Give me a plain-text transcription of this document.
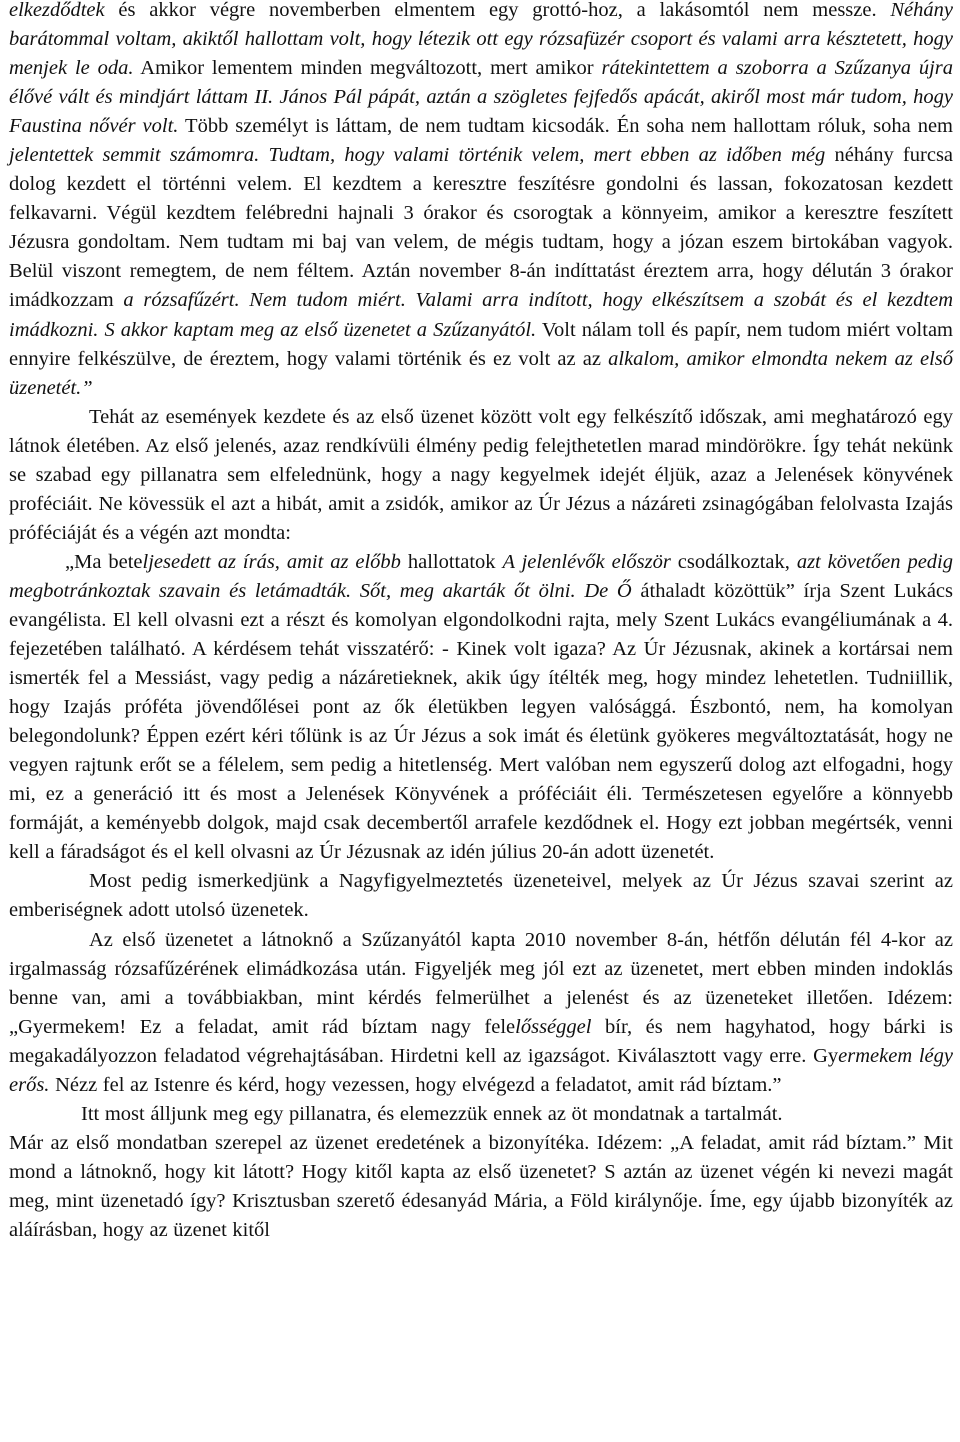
elkezdődtek és akkor végre novemberben elmentem egy grottó-hoz, a lakásomtól nem messze. Néhány barátommal voltam, akiktől hallottam volt, hogy létezik ott egy rózsafüzér csoport és valami arra késztetett, hogy menjek le oda. Amikor lementem minden megváltozott, mert amikor rátekintettem a szoborra a Szűzanya újra élővé vált és mindjárt láttam II. János Pál pápát, aztán a szögletes fejfedős apácát, akiről most már tudom, hogy Faustina nővér volt. Több személyt is láttam, de nem tudtam kicsodák. Én soha nem hallottam róluk, soha nem jelentettek semmit számomra. Tudtam, hogy valami történik velem, mert ebben az időben még néhány furcsa dolog kezdett el történni velem. El kezdtem a keresztre feszítésre gondolni és lassan, fokozatosan kezdett felkavarni. Végül kezdtem felébredni hajnali 3 órakor és csorogtak a könnyeim, amikor a keresztre feszített Jézusra gondoltam. Nem tudtam mi baj van velem, de mégis tudtam, hogy a józan eszem birtokában vagyok. Belül viszont remegtem, de nem féltem. Aztán november 8-án indíttatást éreztem arra, hogy délután 3 órakor imádkozzam a rózsafűzért. Nem tudom miért. Valami arra indított, hogy elkészítsem a szobát és el kezdtem imádkozni. S akkor kaptam meg az első üzenetet a Szűzanyától. Volt nálam toll és papír, nem tudom miért voltam ennyire felkészülve, de éreztem, hogy valami történik és ez volt az az alkalom, amikor elmondta nekem az első üzenetét.”

Tehát az események kezdete és az első üzenet között volt egy felkészítő időszak, ami meghatározó egy látnok életében. Az első jelenés, azaz rendkívüli élmény pedig felejthetetlen marad mindörökre. Így tehát nekünk se szabad egy pillanatra sem elfelednünk, hogy a nagy kegyelmek idejét éljük, azaz a Jelenések könyvének proféciáit. Ne kövessük el azt a hibát, amit a zsidók, amikor az Úr Jézus a názáreti zsinagógában felolvasta Izajás próféciáját és a végén azt mondta:

„Ma beteljesedett az írás, amit az előbb hallottatok A jelenlévők először csodálkoztak, azt követően pedig megbotránkoztak szavain és letámadták. Sőt, meg akarták őt ölni. De Ő áthaladt közöttük” írja Szent Lukács evangélista. El kell olvasni ezt a részt és komolyan elgondolkodni rajta, mely Szent Lukács evangéliumának a 4. fejezetében található. A kérdésem tehát visszatérő: - Kinek volt igaza? Az Úr Jézusnak, akinek a kortársai nem ismerték fel a Messiást, vagy pedig a názáretieknek, akik úgy ítélték meg, hogy mindez lehetetlen. Tudniillik, hogy Izajás próféta jövendőlései pont az ők életükben legyen valósággá. Észbontó, nem, ha komolyan belegondolunk? Éppen ezért kéri tőlünk is az Úr Jézus a sok imát és életünk gyökeres megváltoztatását, hogy ne vegyen rajtunk erőt se a félelem, sem pedig a hitetlenség. Mert valóban nem egyszerű dolog azt elfogadni, hogy mi, ez a generáció itt és most a Jelenések Könyvének a próféciáit éli. Természetesen egyelőre a könnyebb formáját, a keményebb dolgok, majd csak decembertől arrafele kezdődnek el. Hogy ezt jobban megértsék, venni kell a fáradságot és el kell olvasni az Úr Jézusnak az idén július 20-án adott üzenetét.

Most pedig ismerkedjünk a Nagyfigyelmeztetés üzeneteivel, melyek az Úr Jézus szavai szerint az emberiségnek adott utolsó üzenetek.

Az első üzenetet a látnoknő a Szűzanyától kapta 2010 november 8-án, hétfőn délután fél 4-kor az irgalmasság rózsafűzérének elimádkozása után. Figyeljék meg jól ezt az üzenetet, mert ebben minden indoklás benne van, ami a továbbiakban, mint kérdés felmerülhet a jelenést és az üzeneteket illetően. Idézem: „Gyermekem! Ez a feladat, amit rád bíztam nagy felelősséggel bír, és nem hagyhatod, hogy bárki is megakadályozzon feladatod végrehajtásában. Hirdetni kell az igazságot. Kiválasztott vagy erre. Gyermekem légy erős. Nézz fel az Istenre és kérd, hogy vezessen, hogy elvégezd a feladatot, amit rád bíztam.”

Itt most álljunk meg egy pillanatra, és elemezzük ennek az öt mondatnak a tartalmát.

Már az első mondatban szerepel az üzenet eredetének a bizonyítéka. Idézem: „A feladat, amit rád bíztam.” Mit mond a látnoknő, hogy kit látott? Hogy kitől kapta az első üzenetet? S aztán az üzenet végén ki nevezi magát meg, mint üzenetadó így? Krisztusban szerető édesanyád Mária, a Föld királynője. Íme, egy újabb bizonyíték az aláírásban, hogy az üzenet kitől
